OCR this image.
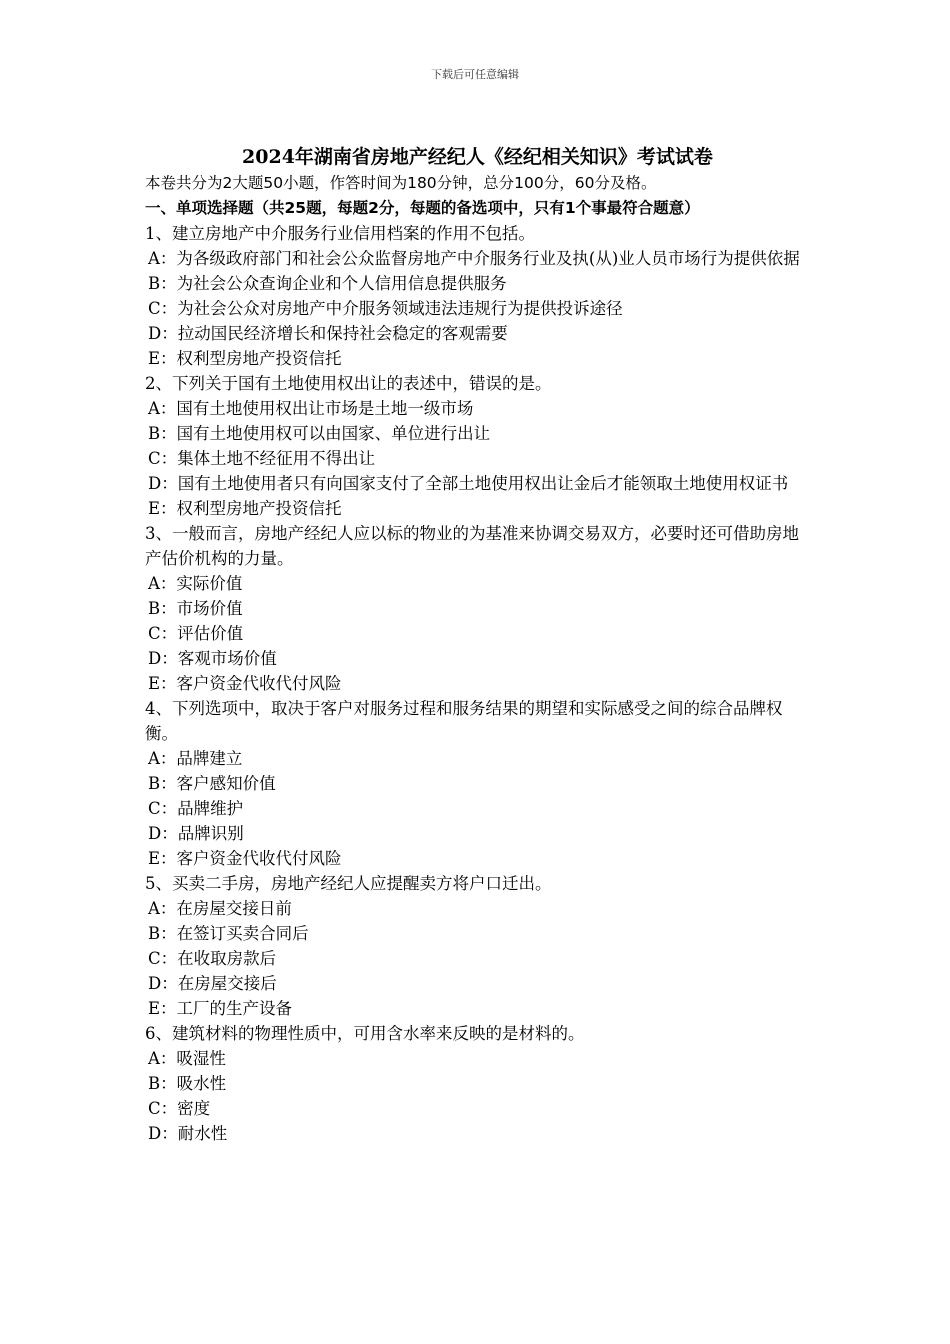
下载后可任意编辑
2024年湖南省房地产经纪人《经纪相关知识》考试试卷

本卷共分为2大题50小题，作答时间为180分钟，总分100分，60分及格。

一、单项选择题（共25题，每题2分，每题的备选项中，只有1个事最符合题意）

1、建立房地产中介服务行业信用档案的作用不包括。

A：为各级政府部门和社会公众监督房地产中介服务行业及执(从)业人员市场行为提供依据

B：为社会公众查询企业和个人信用信息提供服务

C：为社会公众对房地产中介服务领域违法违规行为提供投诉途径

D：拉动国民经济增长和保持社会稳定的客观需要

E：权利型房地产投资信托

2、下列关于国有土地使用权出让的表述中，错误的是。

A：国有土地使用权出让市场是土地一级市场

B：国有土地使用权可以由国家、单位进行出让

C：集体土地不经征用不得出让

D：国有土地使用者只有向国家支付了全部土地使用权出让金后才能领取土地使用权证书

E：权利型房地产投资信托

3、一般而言，房地产经纪人应以标的物业的为基准来协调交易双方，必要时还可借助房地产估价机构的力量。

A：实际价值

B：市场价值

C：评估价值

D：客观市场价值

E：客户资金代收代付风险

4、下列选项中，取决于客户对服务过程和服务结果的期望和实际感受之间的综合品牌权衡。

A：品牌建立

B：客户感知价值

C：品牌维护

D：品牌识别

E：客户资金代收代付风险

5、买卖二手房，房地产经纪人应提醒卖方将户口迁出。

A：在房屋交接日前

B：在签订买卖合同后

C：在收取房款后

D：在房屋交接后

E：工厂的生产设备

6、建筑材料的物理性质中，可用含水率来反映的是材料的。

A：吸湿性

B：吸水性

C：密度

D：耐水性
